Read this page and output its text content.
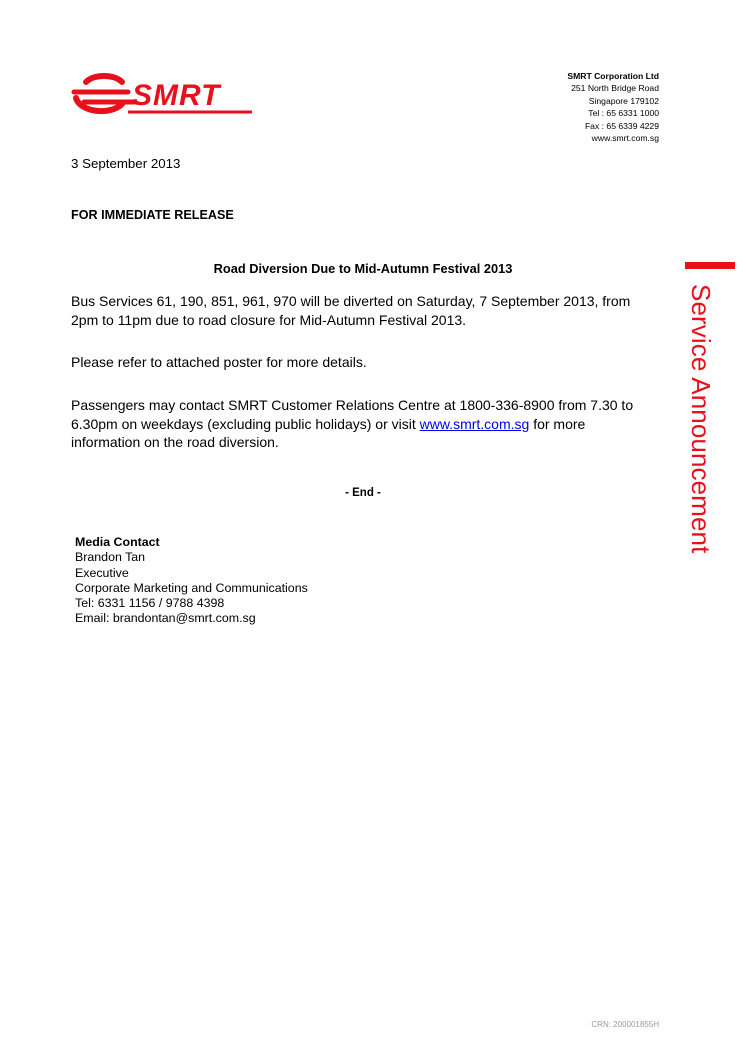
SMRT
SMRT Corporation Ltd
251 North Bridge Road
Singapore 179102
Tel : 65 6331 1000
Fax : 65 6339 4229
www.smrt.com.sg
3 September 2013
FOR IMMEDIATE RELEASE
Road Diversion Due to Mid-Autumn Festival 2013
Bus Services 61, 190, 851, 961, 970 will be diverted on Saturday, 7 September 2013, from 2pm to 11pm due to road closure for Mid-Autumn Festival 2013.
Please refer to attached poster for more details.
Passengers may contact SMRT Customer Relations Centre at 1800-336-8900 from 7.30 to 6.30pm on weekdays (excluding public holidays) or visit www.smrt.com.sg for more information on the road diversion.
- End -
Media Contact
Brandon Tan
Executive
Corporate Marketing and Communications
Tel: 6331 1156 / 9788 4398
Email: brandontan@smrt.com.sg
Service Announcement
CRN: 200001855H
